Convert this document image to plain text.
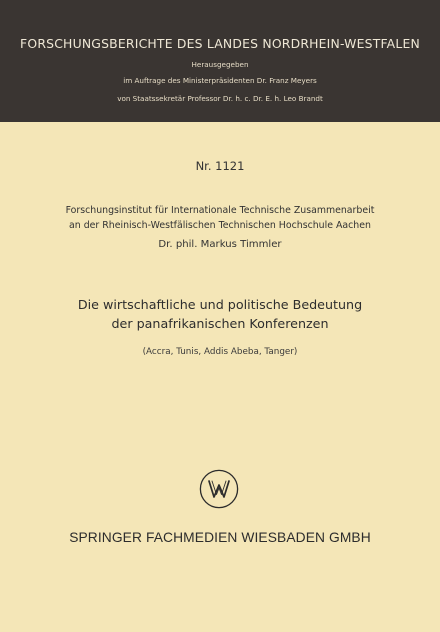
FORSCHUNGSBERICHTE DES LANDES NORDRHEIN-WESTFALEN
Herausgegeben
im Auftrage des Ministerpräsidenten Dr. Franz Meyers
von Staatssekretär Professor Dr. h. c. Dr. E. h. Leo Brandt
Nr. 1121
Forschungsinstitut für Internationale Technische Zusammenarbeit
an der Rheinisch-Westfälischen Technischen Hochschule Aachen
Dr. phil. Markus Timmler
Die wirtschaftliche und politische Bedeutung
der panafrikanischen Konferenzen
(Accra, Tunis, Addis Abeba, Tanger)
SPRINGER FACHMEDIEN WIESBADEN GMBH
